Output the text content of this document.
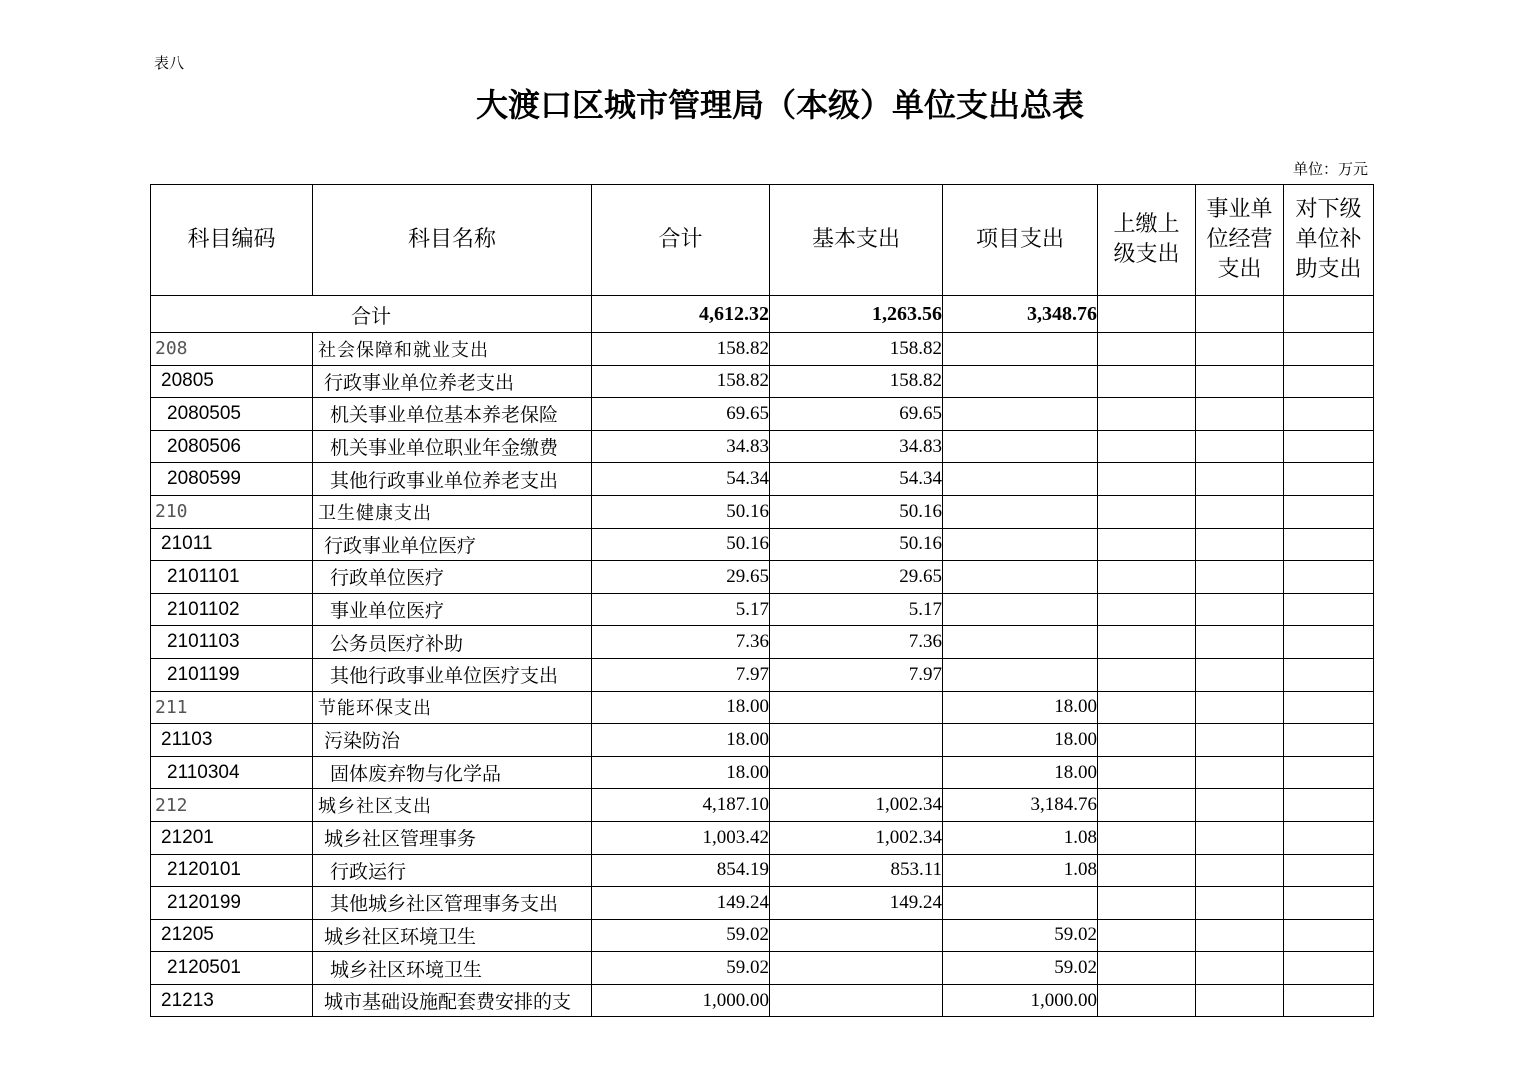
表八
大渡口区城市管理局（本级）单位支出总表
单位：万元
科目编码	科目名称	合计	基本支出	项目支出	上缴上级支出	事业单位经营支出	对下级单位补助支出
合计		4,612.32	1,263.56	3,348.76			
208	社会保障和就业支出	158.82	158.82				
20805	行政事业单位养老支出	158.82	158.82				
2080505	机关事业单位基本养老保险	69.65	69.65				
2080506	机关事业单位职业年金缴费	34.83	34.83				
2080599	其他行政事业单位养老支出	54.34	54.34				
210	卫生健康支出	50.16	50.16				
21011	行政事业单位医疗	50.16	50.16				
2101101	行政单位医疗	29.65	29.65				
2101102	事业单位医疗	5.17	5.17				
2101103	公务员医疗补助	7.36	7.36				
2101199	其他行政事业单位医疗支出	7.97	7.97				
211	节能环保支出	18.00		18.00			
21103	污染防治	18.00		18.00			
2110304	固体废弃物与化学品	18.00		18.00			
212	城乡社区支出	4,187.10	1,002.34	3,184.76			
21201	城乡社区管理事务	1,003.42	1,002.34	1.08			
2120101	行政运行	854.19	853.11	1.08			
2120199	其他城乡社区管理事务支出	149.24	149.24				
21205	城乡社区环境卫生	59.02		59.02			
2120501	城乡社区环境卫生	59.02		59.02			
21213	城市基础设施配套费安排的支	1,000.00		1,000.00			
